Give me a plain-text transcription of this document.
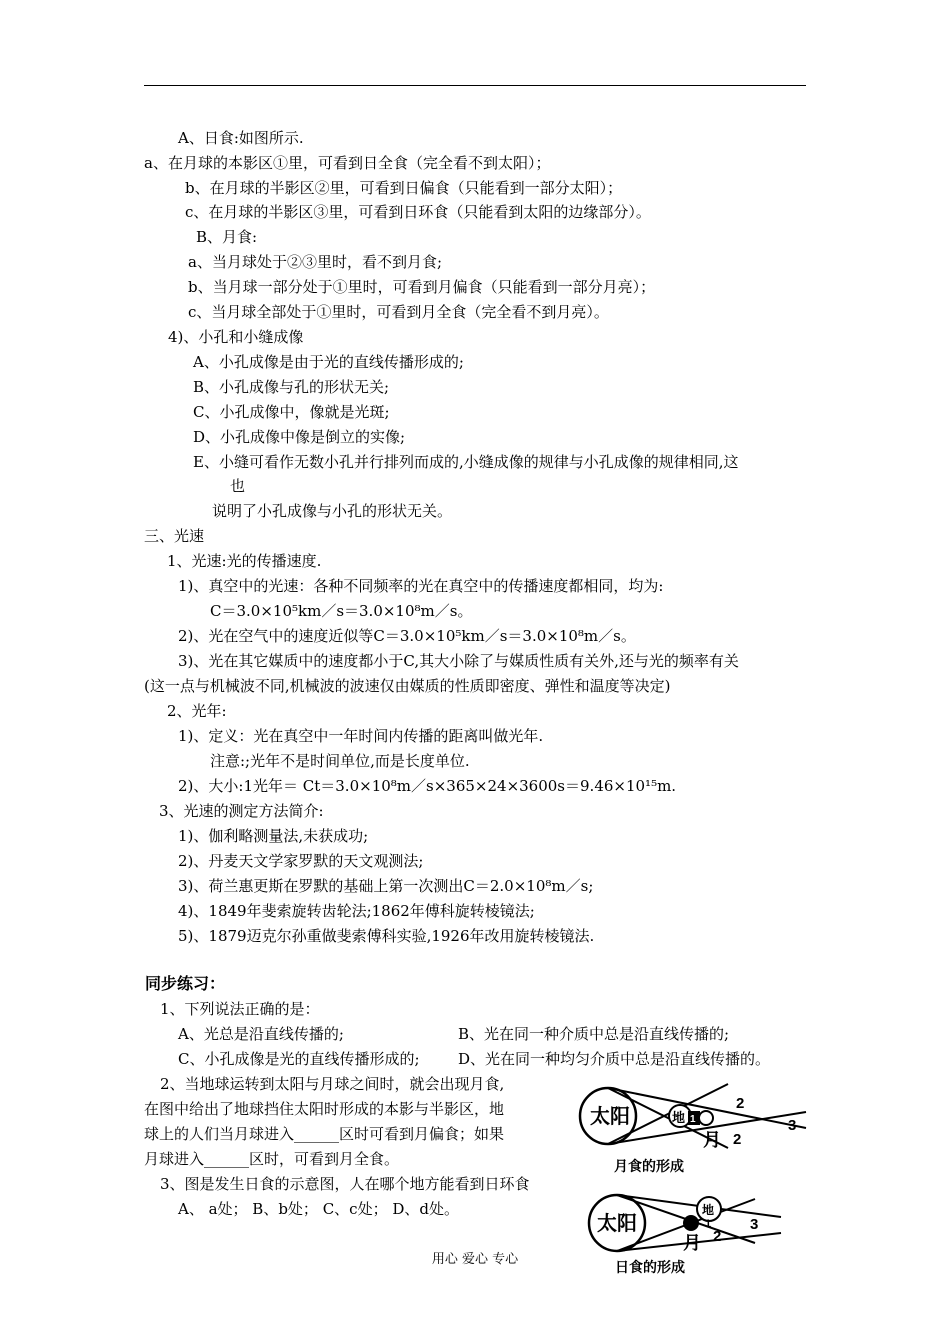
A、日食:如图所示.
a、在月球的本影区①里，可看到日全食（完全看不到太阳）；
b、在月球的半影区②里，可看到日偏食（只能看到一部分太阳）；
c、在月球的半影区③里，可看到日环食（只能看到太阳的边缘部分）。
B、月食:
a、当月球处于②③里时，看不到月食;
b、当月球一部分处于①里时，可看到月偏食（只能看到一部分月亮）；
c、当月球全部处于①里时，可看到月全食（完全看不到月亮）。
4)、小孔和小缝成像
A、小孔成像是由于光的直线传播形成的;
B、小孔成像与孔的形状无关;
C、小孔成像中，像就是光斑;
D、小孔成像中像是倒立的实像;
E、小缝可看作无数小孔并行排列而成的,小缝成像的规律与小孔成像的规律相同,这
也
说明了小孔成像与小孔的形状无关。
三、光速
1、光速:光的传播速度.
1)、真空中的光速：各种不同频率的光在真空中的传播速度都相同，均为:
C＝3.0×10⁵km／s＝3.0×10⁸m／s。
2)、光在空气中的速度近似等C＝3.0×10⁵km／s＝3.0×10⁸m／s。
3)、光在其它媒质中的速度都小于C,其大小除了与媒质性质有关外,还与光的频率有关
(这一点与机械波不同,机械波的波速仅由媒质的性质即密度、弹性和温度等决定)
2、光年:
1)、定义：光在真空中一年时间内传播的距离叫做光年.
注意:;光年不是时间单位,而是长度单位.
2)、大小:1光年＝ Ct＝3.0×10⁸m／s×365×24×3600s＝9.46×10¹⁵m.
3、光速的测定方法简介:
1)、伽利略测量法,未获成功;
2)、丹麦天文学家罗默的天文观测法;
3)、荷兰惠更斯在罗默的基础上第一次测出C＝2.0×10⁸m／s;
4)、1849年斐索旋转齿轮法;1862年傅科旋转棱镜法;
5)、1879迈克尔孙重做斐索傅科实验,1926年改用旋转棱镜法.
同步练习：
1、下列说法正确的是：
A、光总是沿直线传播的;	B、光在同一种介质中总是沿直线传播的;
C、小孔成像是光的直线传播形成的;	D、光在同一种均匀介质中总是沿直线传播的。
2、当地球运转到太阳与月球之间时，就会出现月食,
在图中给出了地球挡住太阳时形成的本影与半影区，地
球上的人们当月球进入______区时可看到月偏食；如果
月球进入______区时，可看到月全食。
3、图是发生日食的示意图，人在哪个地方能看到日环食
A、 a处； B、b处； C、c处； D、d处。
太阳	地 1
月
2
2
3
月食的形成
太阳
地
1
月 2
3
日食的形成
用心 爱心 专心
